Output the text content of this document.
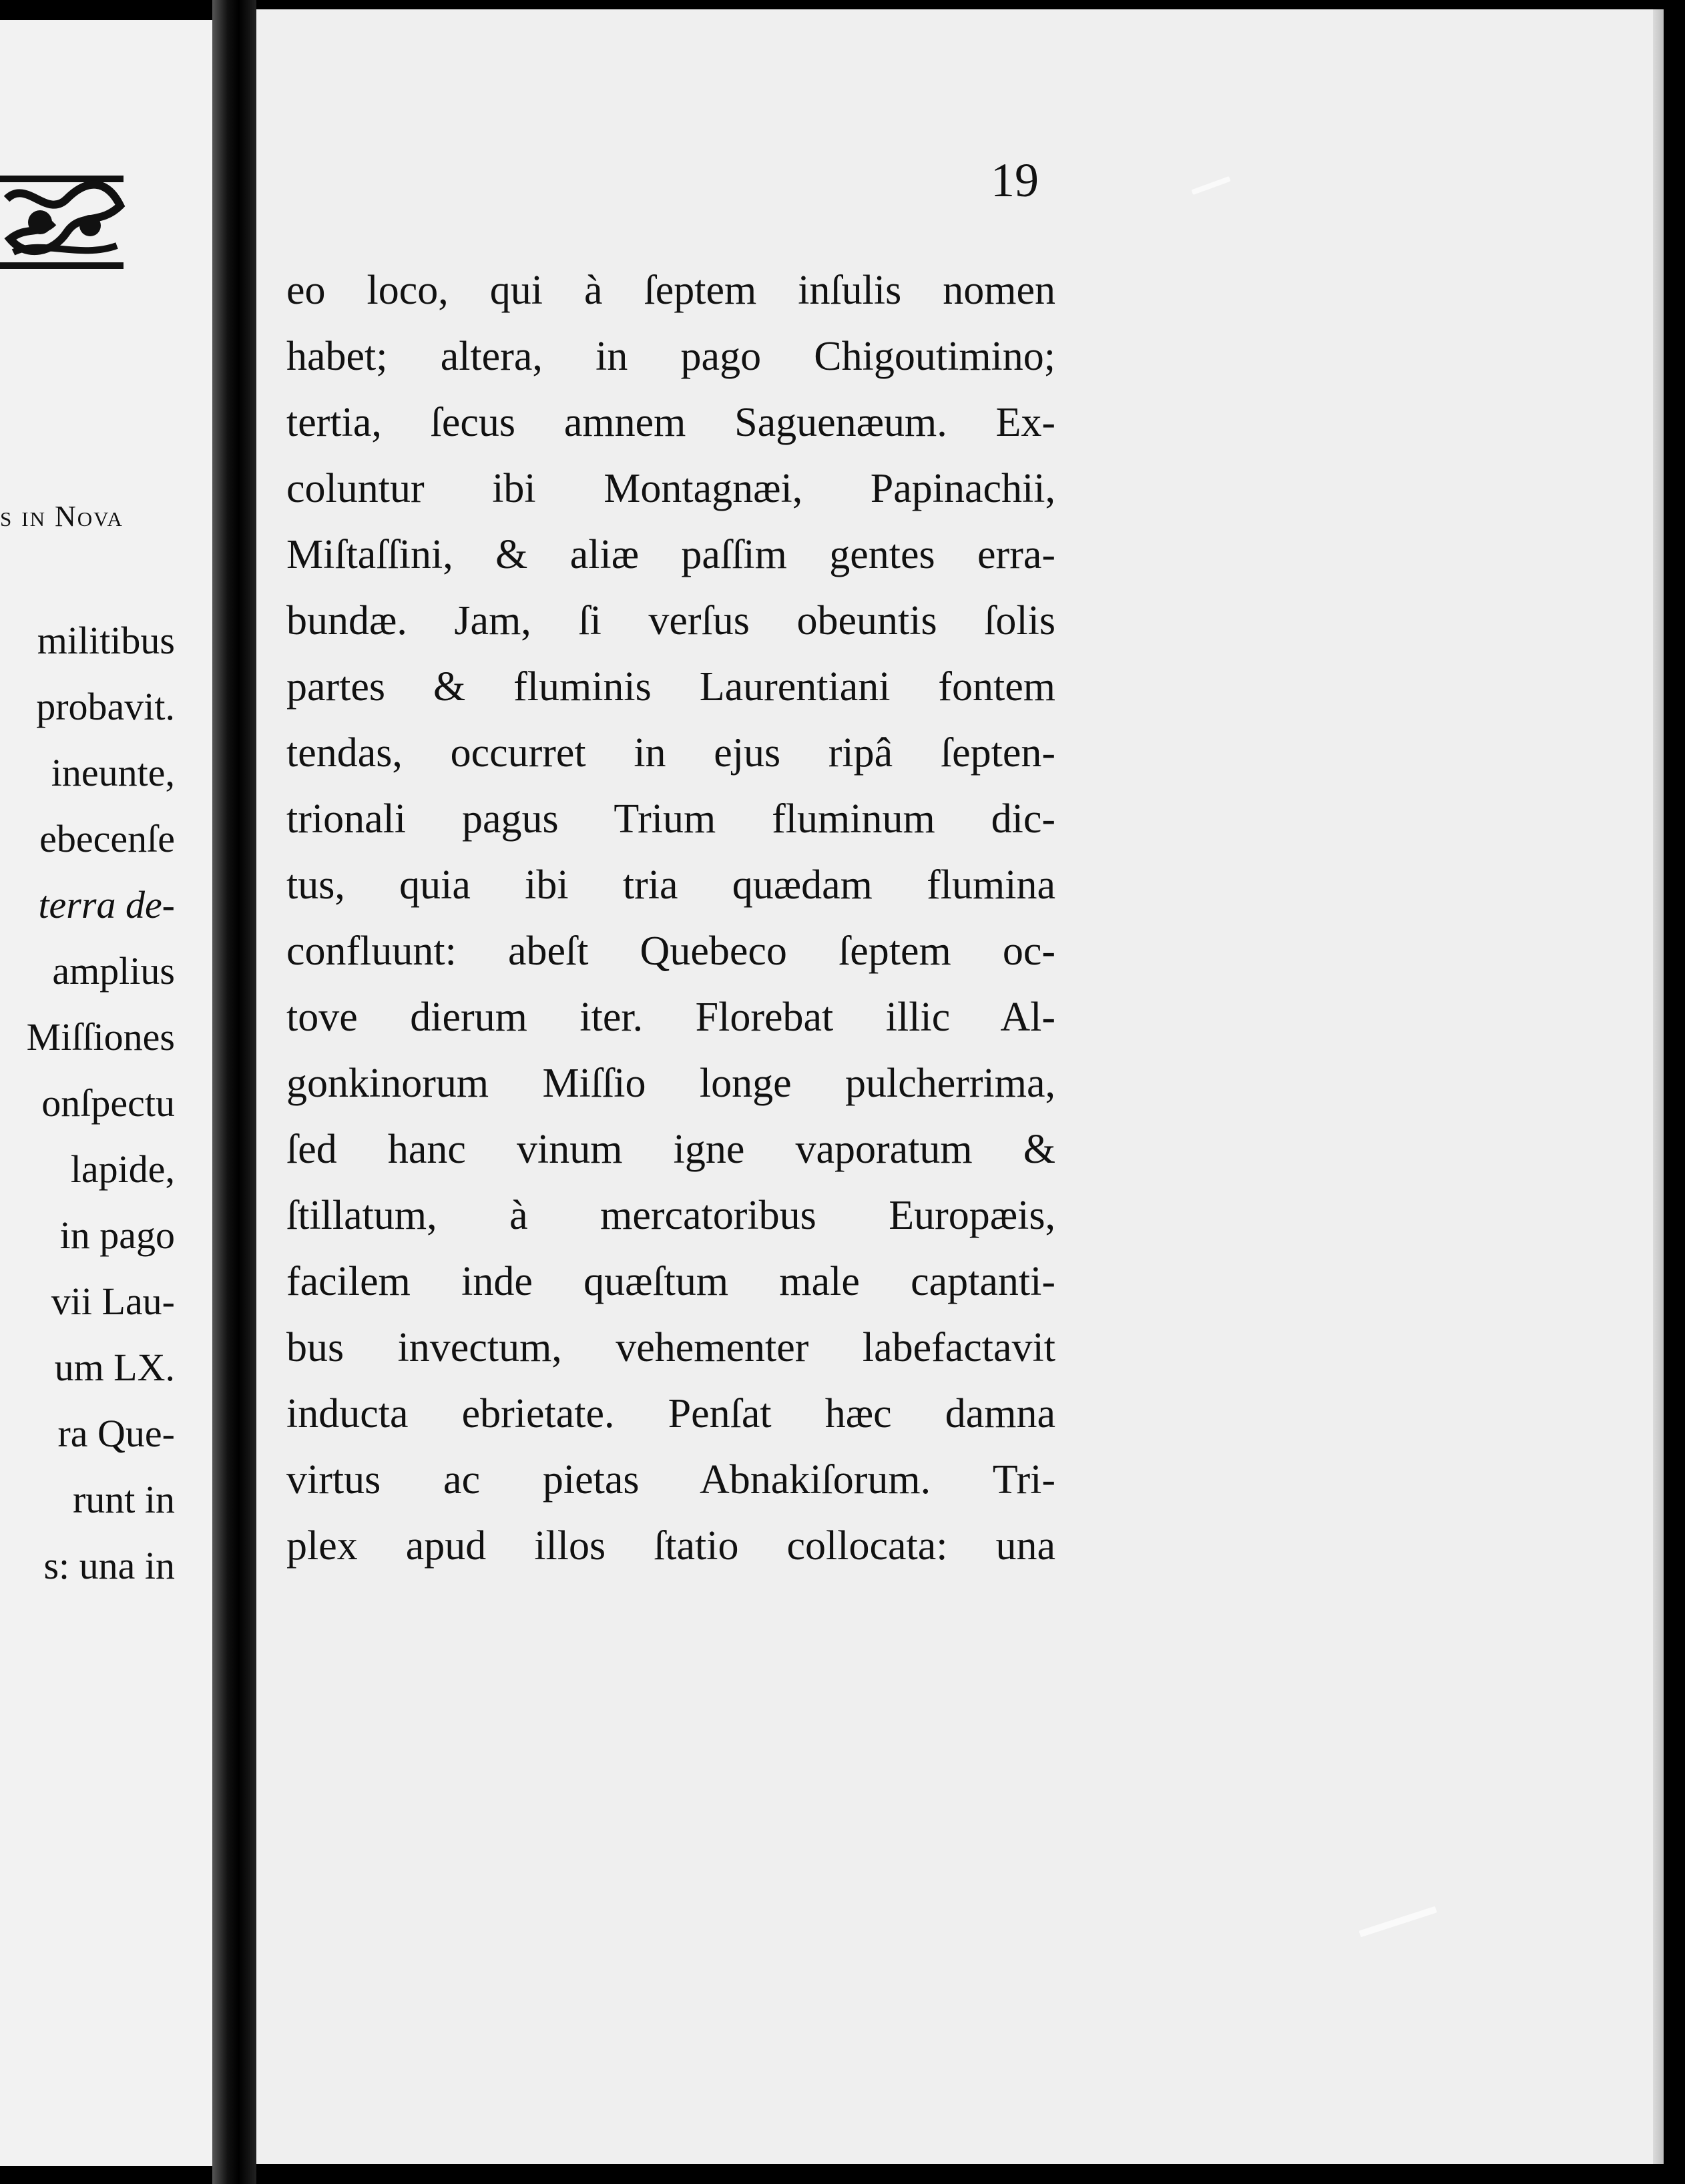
s in Nova
militibus
probavit.
ineunte,
ebecenſe
terra de-
amplius
Miſſiones
onſpectu
lapide,
in pago
vii Lau-
um LX.
ra Que-
runt in
s: una in
19
eo loco, qui à ſeptem inſulis nomen
habet; altera, in pago Chigoutimino;
tertia, ſecus amnem Saguenæum. Ex-
coluntur ibi Montagnæi, Papinachii,
Miſtaſſini, & aliæ paſſim gentes erra-
bundæ. Jam, ſi verſus obeuntis ſolis
partes & fluminis Laurentiani fontem
tendas, occurret in ejus ripâ ſepten-
trionali pagus Trium fluminum dic-
tus, quia ibi tria quædam flumina
confluunt: abeſt Quebeco ſeptem oc-
tove dierum iter. Florebat illic Al-
gonkinorum Miſſio longe pulcherrima,
ſed hanc vinum igne vaporatum &
ſtillatum, à mercatoribus Europæis,
facilem inde quæſtum male captanti-
bus invectum, vehementer labefactavit
inducta ebrietate. Penſat hæc damna
virtus ac pietas Abnakiſorum. Tri-
plex apud illos ſtatio collocata: una
